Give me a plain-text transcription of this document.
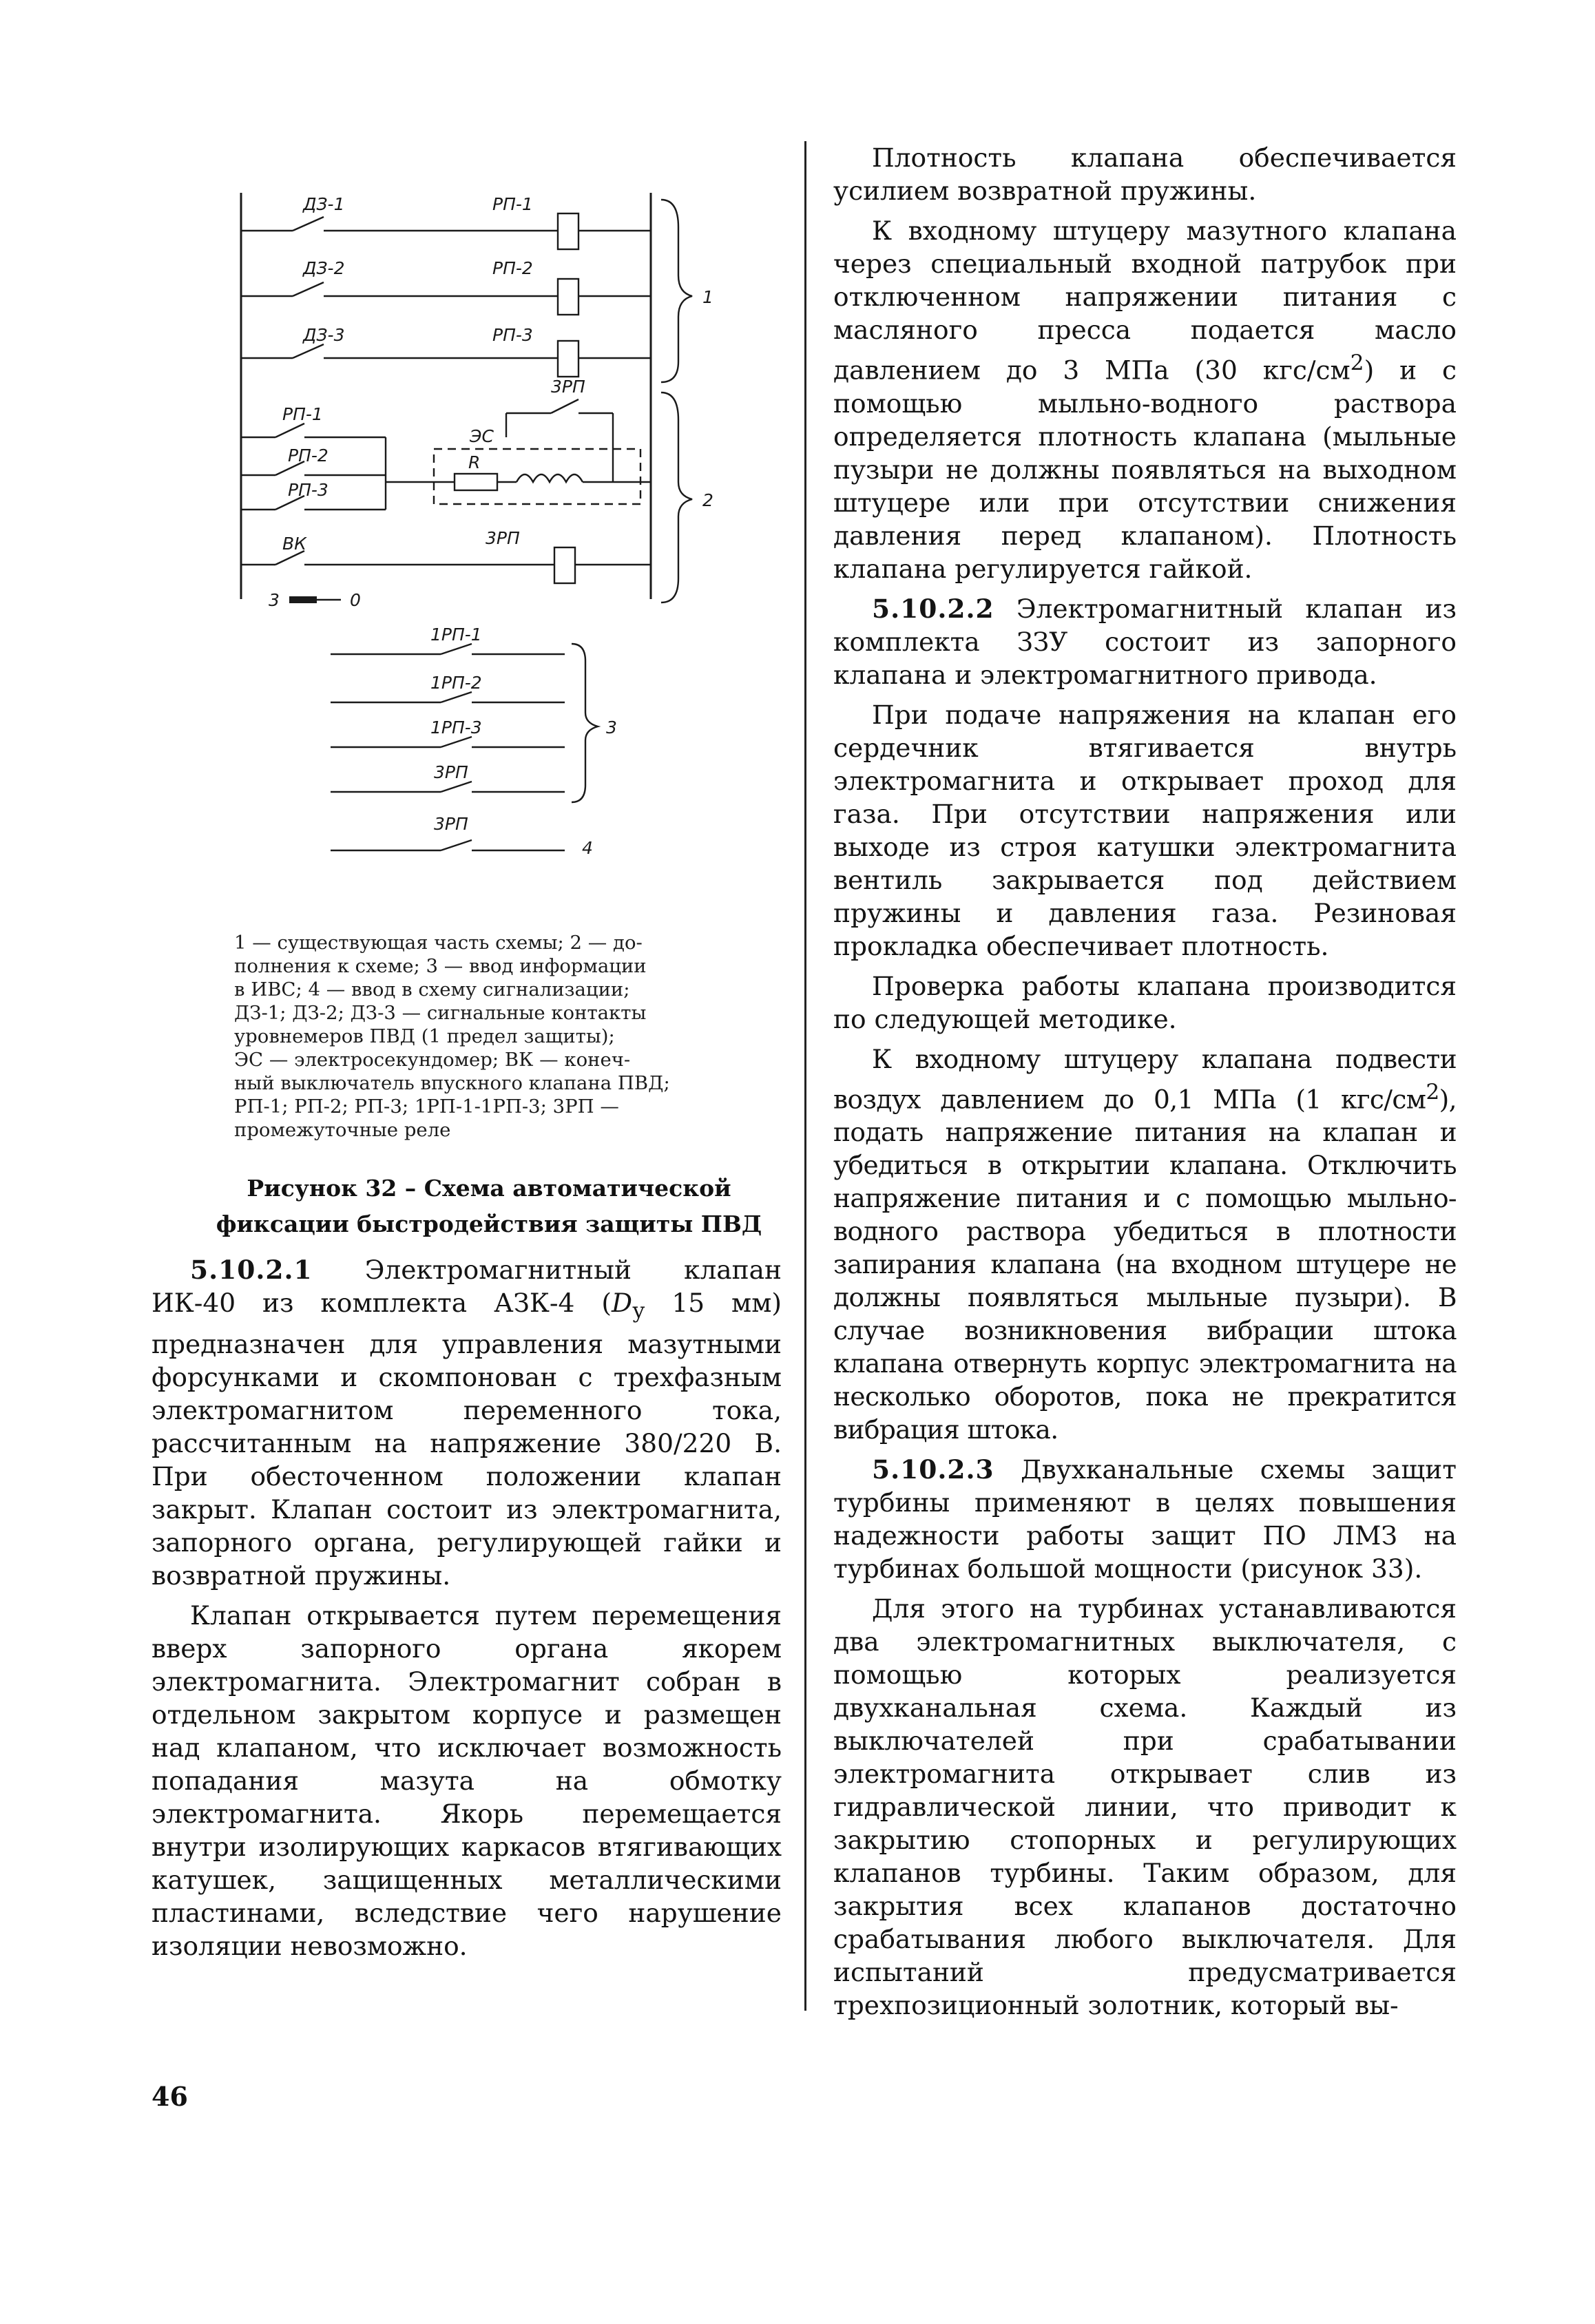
ДЗ-1	РП-1
ДЗ-2	РП-2
ДЗ-3	РП-3
1
РП-1
РП-2
РП-3
ЭС
R
3РП
ВК	3РП
3	0
2
1РП-1
1РП-2
1РП-3
3РП
3
3РП
4
1 — существующая часть схемы; 2 — до-
полнения к схеме; 3 — ввод информации
в ИВС; 4 — ввод в схему сигнализации;
ДЗ-1; ДЗ-2; ДЗ-3 — сигнальные контакты
уровнемеров ПВД (1 предел защиты);
ЭС — электросекундомер; ВК — конеч-
ный выключатель впускного клапана ПВД;
РП-1; РП-2; РП-3; 1РП-1-1РП-3; 3РП —
промежуточные реле
Рисунок 32 – Схема автоматической
фиксации быстродействия защиты ПВД

5.10.2.1 Электромагнитный клапан ИК-40 из комплекта АЗК-4 ($D_у$ 15 мм) предназначен для управления мазутными форсунками и скомпонован с трехфазным электромагнитом переменного тока, рассчитанным на напряжение 380/220 В. При обесточенном положении клапан закрыт. Клапан состоит из электромагнита, запорного органа, регулирующей гайки и возвратной пружины.

Клапан открывается путем перемещения вверх запорного органа якорем электромагнита. Электромагнит собран в отдельном закрытом корпусе и размещен над клапаном, что исключает возможность попадания мазута на обмотку электромагнита. Якорь перемещается внутри изолирующих каркасов втягивающих катушек, защищенных металлическими пластинами, вследствие чего нарушение изоляции невозможно.

Плотность клапана обеспечивается усилием возвратной пружины.

К входному штуцеру мазутного клапана через специальный входной патрубок при отключенном напряжении питания с масляного пресса подается масло давлением до 3 МПа (30 кгс/$см^2$) и с помощью мыльно-водного раствора определяется плотность клапана (мыльные пузыри не должны появляться на выходном штуцере или при отсутствии снижения давления перед клапаном). Плотность клапана регулируется гайкой.

5.10.2.2 Электромагнитный клапан из комплекта ЗЗУ состоит из запорного клапана и электромагнитного привода.

При подаче напряжения на клапан его сердечник втягивается внутрь электромагнита и открывает проход для газа. При отсутствии напряжения или выходе из строя катушки электромагнита вентиль закрывается под действием пружины и давления газа. Резиновая прокладка обеспечивает плотность.

Проверка работы клапана производится по следующей методике.

К входному штуцеру клапана подвести воздух давлением до 0,1 МПа (1 кгс/$см^2$), подать напряжение питания на клапан и убедиться в открытии клапана. Отключить напряжение питания и с помощью мыльно-водного раствора убедиться в плотности запирания клапана (на входном штуцере не должны появляться мыльные пузыри). В случае возникновения вибрации штока клапана отвернуть корпус электромагнита на несколько оборотов, пока не прекратится вибрация штока.

5.10.2.3 Двухканальные схемы защит турбины применяют в целях повышения надежности работы защит ПО ЛМЗ на турбинах большой мощности (рисунок 33).

Для этого на турбинах устанавливаются два электромагнитных выключателя, с помощью которых реализуется двухканальная схема. Каждый из выключателей при срабатывании электромагнита открывает слив из гидравлической линии, что приводит к закрытию стопорных и регулирующих клапанов турбины. Таким образом, для закрытия всех клапанов достаточно срабатывания любого выключателя. Для испытаний предусматривается трехпозиционный золотник, который вы-

46
